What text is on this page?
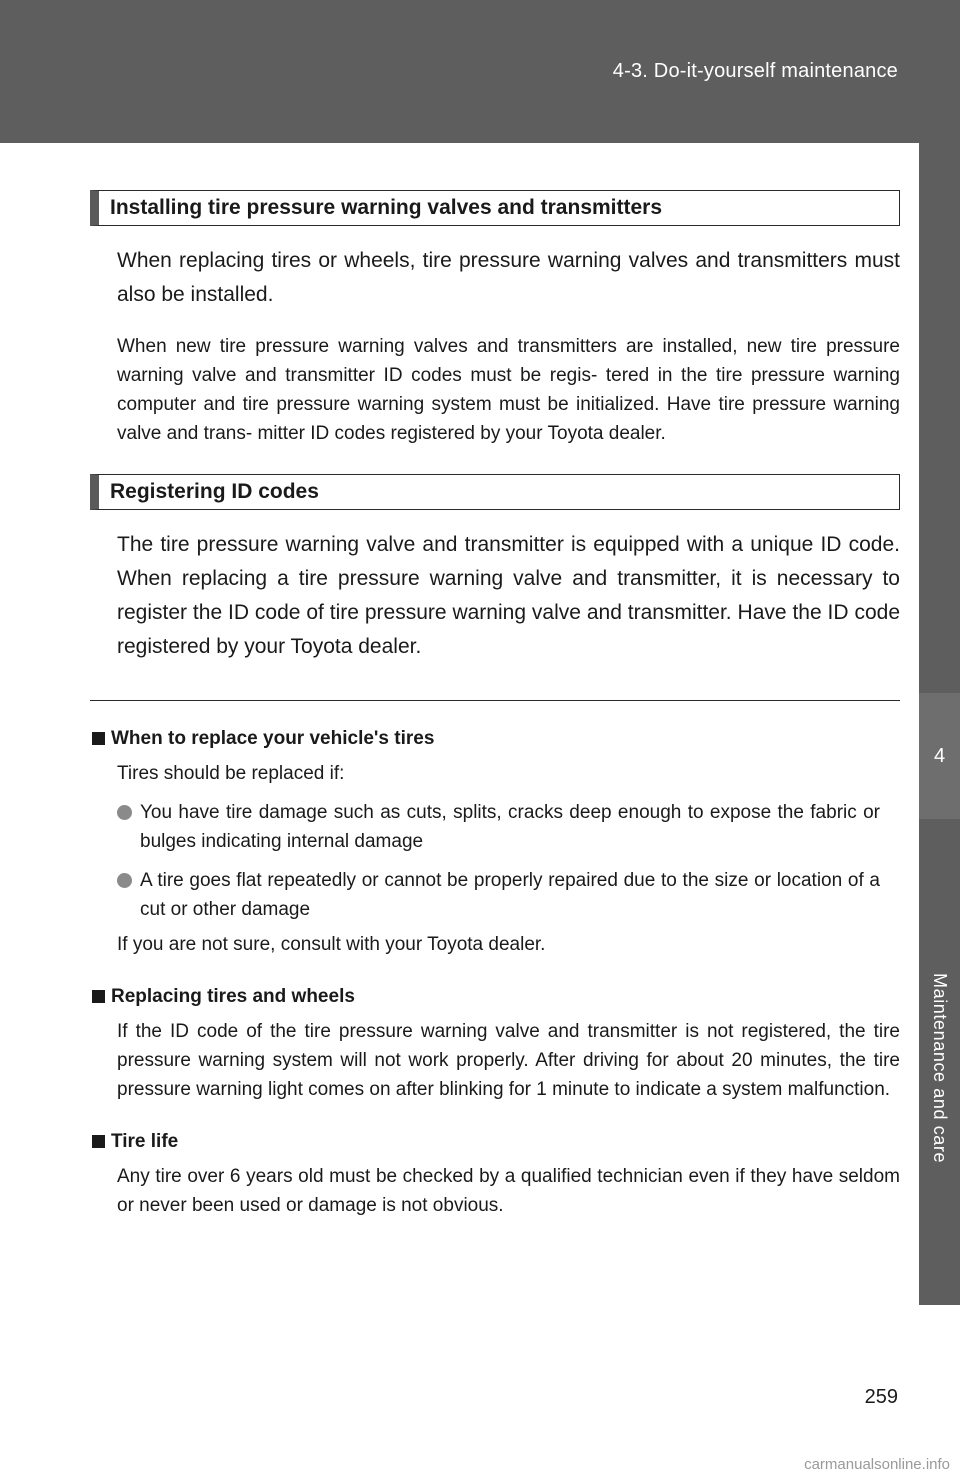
4-3. Do-it-yourself maintenance
4
Maintenance and care
Installing tire pressure warning valves and transmitters

When replacing tires or wheels, tire pressure warning valves and transmitters must also be installed.

When new tire pressure warning valves and transmitters are installed, new tire pressure warning valve and transmitter ID codes must be regis- tered in the tire pressure warning computer and tire pressure warning system must be initialized. Have tire pressure warning valve and trans- mitter ID codes registered by your Toyota dealer.

Registering ID codes

The tire pressure warning valve and transmitter is equipped with a unique ID code. When replacing a tire pressure warning valve and transmitter, it is necessary to register the ID code of tire pressure warning valve and transmitter. Have the ID code registered by your Toyota dealer.

When to replace your vehicle's tires

Tires should be replaced if:

You have tire damage such as cuts, splits, cracks deep enough to expose the fabric or bulges indicating internal damage
A tire goes flat repeatedly or cannot be properly repaired due to the size or location of a cut or other damage

If you are not sure, consult with your Toyota dealer.

Replacing tires and wheels

If the ID code of the tire pressure warning valve and transmitter is not registered, the tire pressure warning system will not work properly. After driving for about 20 minutes, the tire pressure warning light comes on after blinking for 1 minute to indicate a system malfunction.

Tire life

Any tire over 6 years old must be checked by a qualified technician even if they have seldom or never been used or damage is not obvious.

259
carmanualsonline.info
